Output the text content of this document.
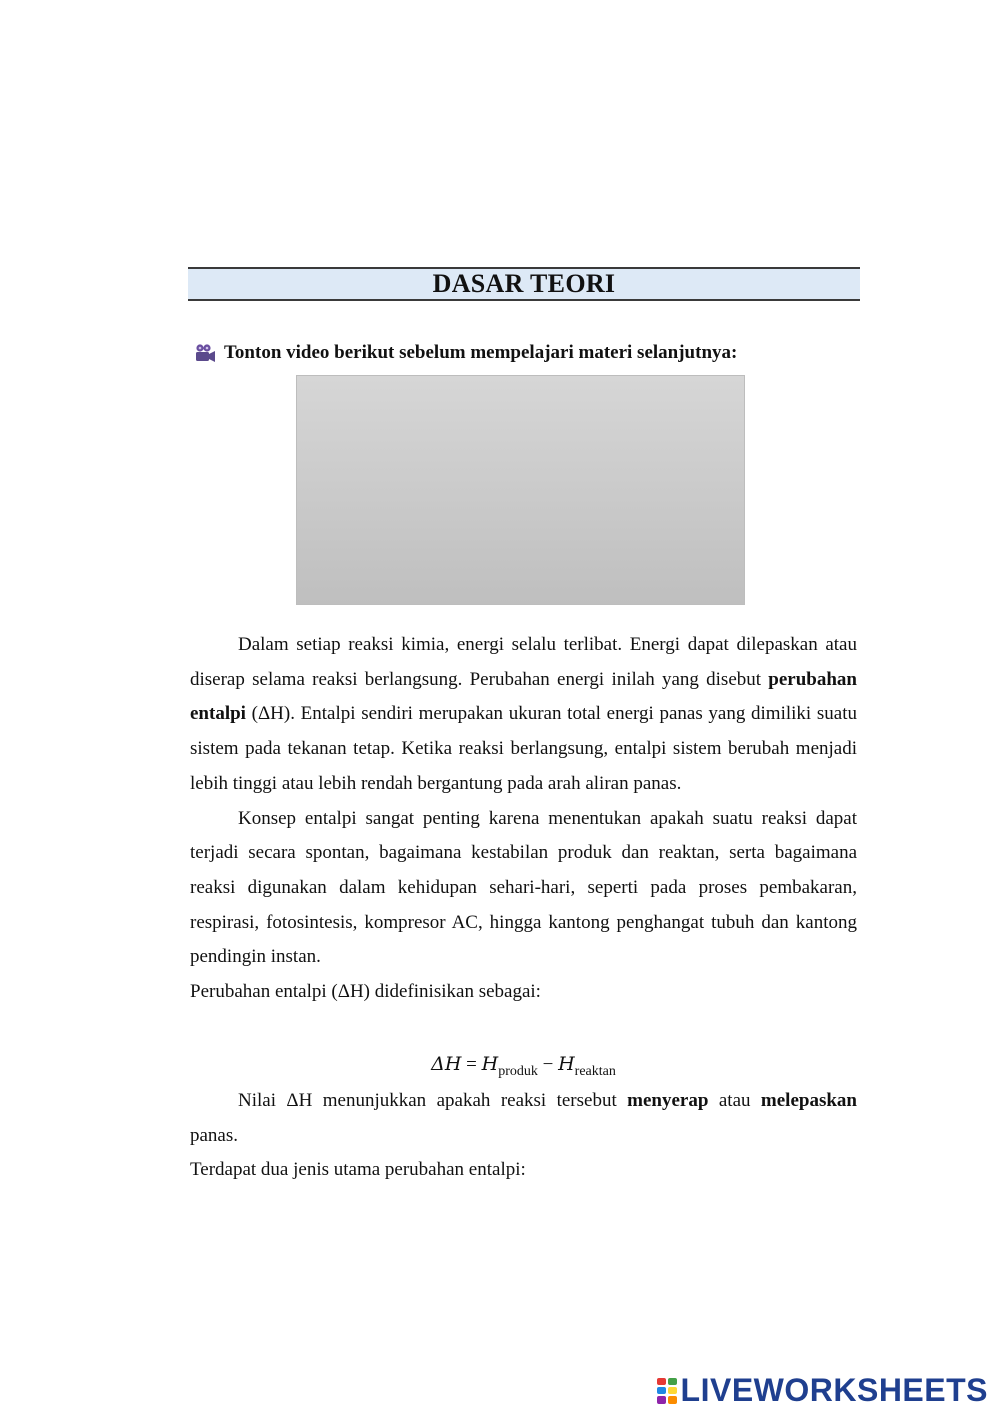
DASAR TEORI
Tonton video berikut sebelum mempelajari materi selanjutnya:

Dalam setiap reaksi kimia, energi selalu terlibat. Energi dapat dilepaskan atau diserap selama reaksi berlangsung. Perubahan energi inilah yang disebut perubahan entalpi (ΔH). Entalpi sendiri merupakan ukuran total energi panas yang dimiliki suatu sistem pada tekanan tetap. Ketika reaksi berlangsung, entalpi sistem berubah menjadi lebih tinggi atau lebih rendah bergantung pada arah aliran panas.

Konsep entalpi sangat penting karena menentukan apakah suatu reaksi dapat terjadi secara spontan, bagaimana kestabilan produk dan reaktan, serta bagaimana reaksi digunakan dalam kehidupan sehari-hari, seperti pada proses pembakaran, respirasi, fotosintesis, kompresor AC, hingga kantong penghangat tubuh dan kantong pendingin instan.

Perubahan entalpi (ΔH) didefinisikan sebagai:

$\Delta H = H_{produk} - H_{reaktan}$

Nilai ΔH menunjukkan apakah reaksi tersebut menyerap atau melepaskan panas.

Terdapat dua jenis utama perubahan entalpi:

LIVEWORKSHEETS
